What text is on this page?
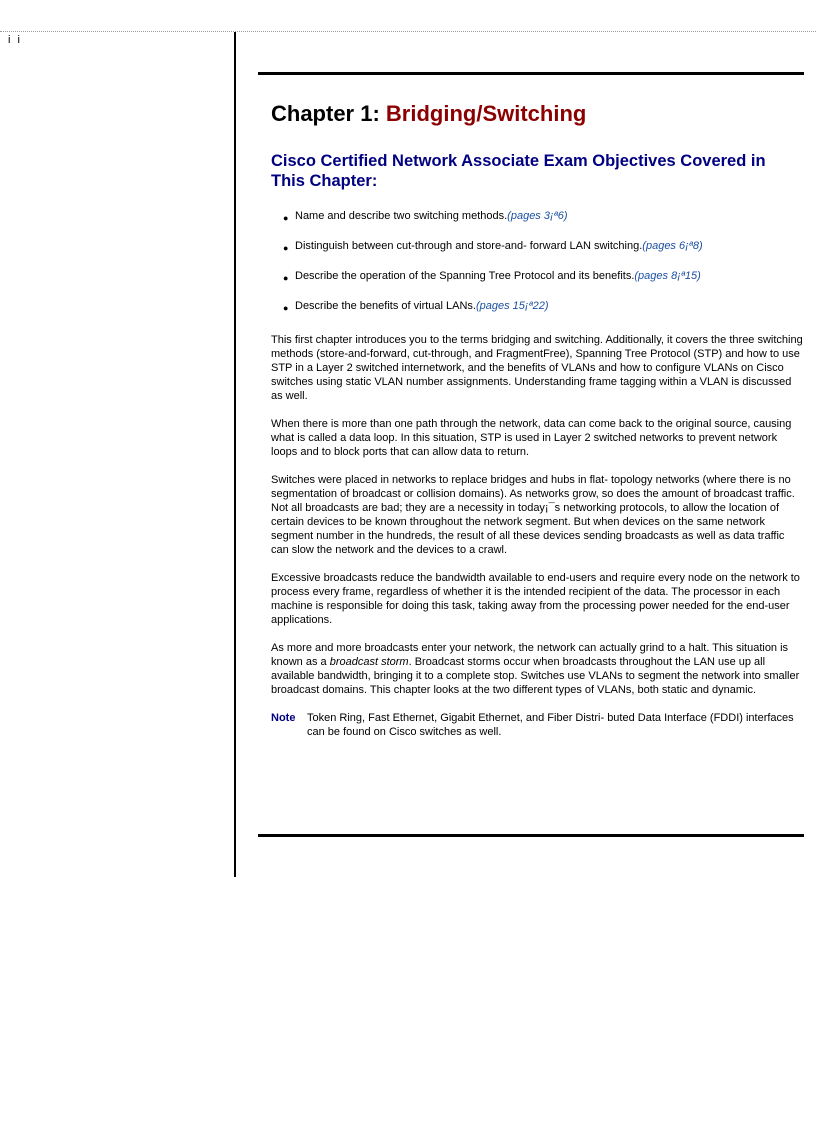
i i
Chapter 1: Bridging/Switching
Cisco Certified Network Associate Exam Objectives Covered in This Chapter:
● Name and describe two switching methods.(pages 3¡ª6)
● Distinguish between cut-through and store-and- forward LAN switching.(pages 6¡ª8)
● Describe the operation of the Spanning Tree Protocol and its benefits.(pages 8¡ª15)
● Describe the benefits of virtual LANs.(pages 15¡ª22)

This first chapter introduces you to the terms bridging and switching. Additionally, it covers the three switching methods (store-and-forward, cut-through, and FragmentFree), Spanning Tree Protocol (STP) and how to use STP in a Layer 2 switched internetwork, and the benefits of VLANs and how to configure VLANs on Cisco switches using static VLAN number assignments. Understanding frame tagging within a VLAN is discussed as well.

When there is more than one path through the network, data can come back to the original source, causing what is called a data loop. In this situation, STP is used in Layer 2 switched networks to prevent network loops and to block ports that can allow data to return.

Switches were placed in networks to replace bridges and hubs in flat- topology networks (where there is no segmentation of broadcast or collision domains). As networks grow, so does the amount of broadcast traffic. Not all broadcasts are bad; they are a necessity in today¡¯s networking protocols, to allow the location of certain devices to be known throughout the network segment. But when devices on the same network segment number in the hundreds, the result of all these devices sending broadcasts as well as data traffic can slow the network and the devices to a crawl.

Excessive broadcasts reduce the bandwidth available to end-users and require every node on the network to process every frame, regardless of whether it is the intended recipient of the data. The processor in each machine is responsible for doing this task, taking away from the processing power needed for the end-user applications.

As more and more broadcasts enter your network, the network can actually grind to a halt. This situation is known as a broadcast storm. Broadcast storms occur when broadcasts throughout the LAN use up all available bandwidth, bringing it to a complete stop. Switches use VLANs to segment the network into smaller broadcast domains. This chapter looks at the two different types of VLANs, both static and dynamic.

Note	Token Ring, Fast Ethernet, Gigabit Ethernet, and Fiber Distri- buted Data Interface (FDDI) interfaces can be found on Cisco switches as well.
